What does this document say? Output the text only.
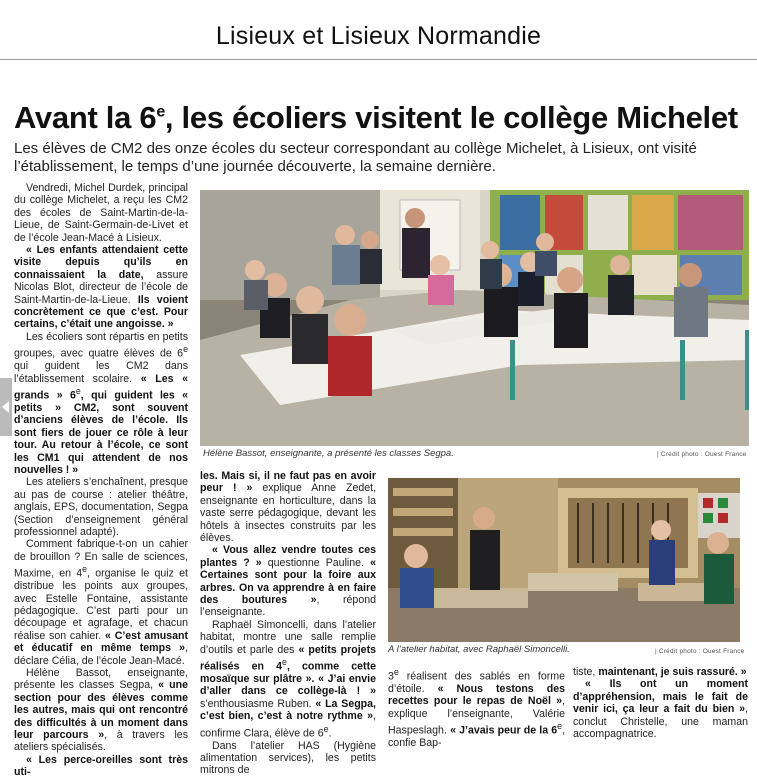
Lisieux et Lisieux Normandie
Avant la 6e, les écoliers visitent le collège Michelet

Les élèves de CM2 des onze écoles du secteur correspondant au collège Michelet, à Lisieux, ont visité l’établissement, le temps d’une journée découverte, la semaine dernière.

Vendredi, Michel Durdek, principal du collège Michelet, a reçu les CM2 des écoles de Saint-Martin-de-la-Lieue, de Saint-Germain-de-Livet et de l’école Jean-Macé à Lisieux.

« Les enfants attendaient cette visite depuis qu’ils en connaissaient la date, assure Nicolas Blot, directeur de l’école de Saint-Martin-de-la-Lieue. Ils voient concrètement ce que c’est. Pour certains, c’était une angoisse. »

Les écoliers sont répartis en petits groupes, avec quatre élèves de 6e qui guident les CM2 dans l’établissement scolaire. « Les « grands » 6e, qui guident les « petits » CM2, sont souvent d’anciens élèves de l’école. Ils sont fiers de jouer ce rôle à leur tour. Au retour à l’école, ce sont les CM1 qui attendent de nos nouvelles ! »

Les ateliers s’enchaînent, presque au pas de course : atelier théâtre, anglais, EPS, documentation, Segpa (Section d’enseignement général professionnel adapté).

Comment fabrique-t-on un cahier de brouillon ? En salle de sciences, Maxime, en 4e, organise le quiz et distribue les points aux groupes, avec Estelle Fontaine, assistante pédagogique. C’est parti pour un découpage et agrafage, et chacun réalise son cahier. « C’est amusant et éducatif en même temps », déclare Célia, de l’école Jean-Macé.

Hélène Bassot, enseignante, présente les classes Segpa, « une section pour des élèves comme les autres, mais qui ont rencontré des difficultés à un moment dans leur parcours », à travers les ateliers spécialisés.

« Les perce-oreilles sont très uti-

Hélène Bassot, enseignante, a présenté les classes Segpa.	| Crédit photo : Ouest France

les. Mais si, il ne faut pas en avoir peur ! » explique Anne Zedet, enseignante en horticulture, dans la vaste serre pédagogique, devant les hôtels à insectes construits par les élèves.

« Vous allez vendre toutes ces plantes ? » questionne Pauline. « Certaines sont pour la foire aux arbres. On va apprendre à en faire des boutures », répond l’enseignante.

Raphaël Simoncelli, dans l’atelier habitat, montre une salle remplie d’outils et parle des « petits projets réalisés en 4e, comme cette mosaïque sur plâtre ». « J’ai envie d’aller dans ce collège-là ! » s’enthousiasme Ruben. « La Segpa, c’est bien, c’est à notre rythme », confirme Clara, élève de 6e.

Dans l’atelier HAS (Hygiène alimentation services), les petits mitrons de

A l’atelier habitat, avec Raphaël Simoncelli.	| Crédit photo : Ouest France

3e réalisent des sablés en forme d’étoile. « Nous testons des recettes pour le repas de Noël », explique l’enseignante, Valérie Haspeslagh. « J’avais peur de la 6e, confie Bap-

tiste, maintenant, je suis rassuré. »

« Ils ont un moment d’appréhension, mais le fait de venir ici, ça leur a fait du bien », conclut Christelle, une maman accompagnatrice.
